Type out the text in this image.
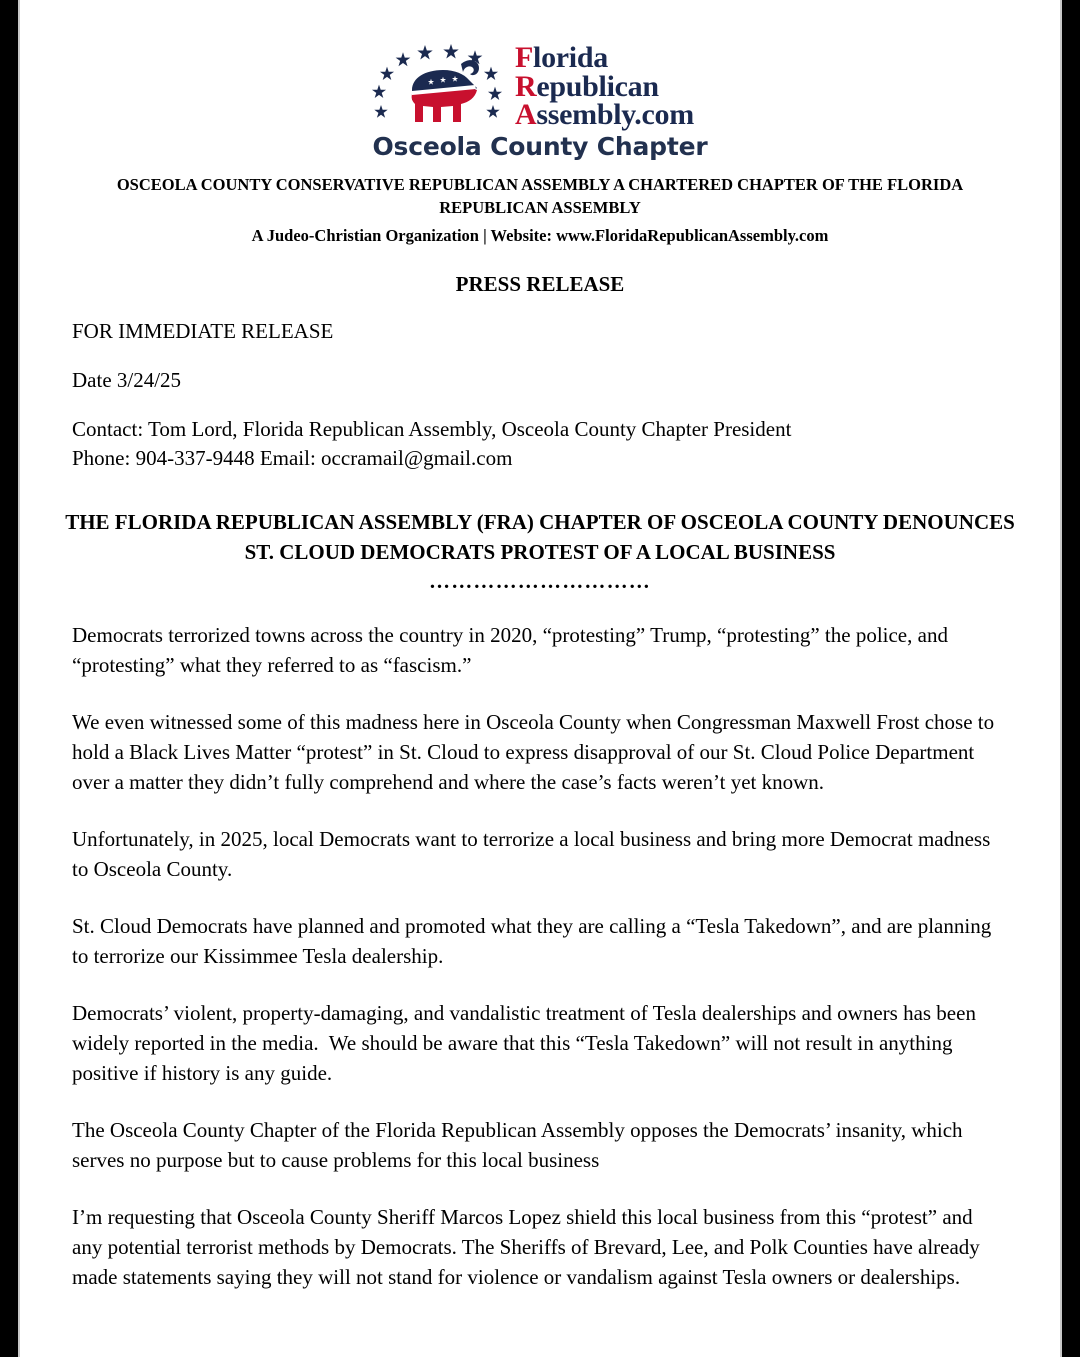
Florida
Republican
Assembly.com
Osceola County Chapter
OSCEOLA COUNTY CONSERVATIVE REPUBLICAN ASSEMBLY A CHARTERED CHAPTER OF THE FLORIDA REPUBLICAN ASSEMBLY
A Judeo-Christian Organization | Website: www.FloridaRepublicanAssembly.com
PRESS RELEASE

FOR IMMEDIATE RELEASE

Date 3/24/25

Contact: Tom Lord, Florida Republican Assembly, Osceola County Chapter President

Phone: 904-337-9448 Email: occramail@gmail.com

THE FLORIDA REPUBLICAN ASSEMBLY (FRA) CHAPTER OF OSCEOLA COUNTY DENOUNCES ST. CLOUD DEMOCRATS PROTEST OF A LOCAL BUSINESS
…………………………

Democrats terrorized towns across the country in 2020, “protesting” Trump, “protesting” the police, and “protesting” what they referred to as “fascism.”

We even witnessed some of this madness here in Osceola County when Congressman Maxwell Frost chose to hold a Black Lives Matter “protest” in St. Cloud to express disapproval of our St. Cloud Police Department over a matter they didn’t fully comprehend and where the case’s facts weren’t yet known.

Unfortunately, in 2025, local Democrats want to terrorize a local business and bring more Democrat madness to Osceola County.

St. Cloud Democrats have planned and promoted what they are calling a “Tesla Takedown”, and are planning to terrorize our Kissimmee Tesla dealership.

Democrats’ violent, property-damaging, and vandalistic treatment of Tesla dealerships and owners has been widely reported in the media.  We should be aware that this “Tesla Takedown” will not result in anything positive if history is any guide.

The Osceola County Chapter of the Florida Republican Assembly opposes the Democrats’ insanity, which serves no purpose but to cause problems for this local business

I’m requesting that Osceola County Sheriff Marcos Lopez shield this local business from this “protest” and any potential terrorist methods by Democrats. The Sheriffs of Brevard, Lee, and Polk Counties have already made statements saying they will not stand for violence or vandalism against Tesla owners or dealerships.
